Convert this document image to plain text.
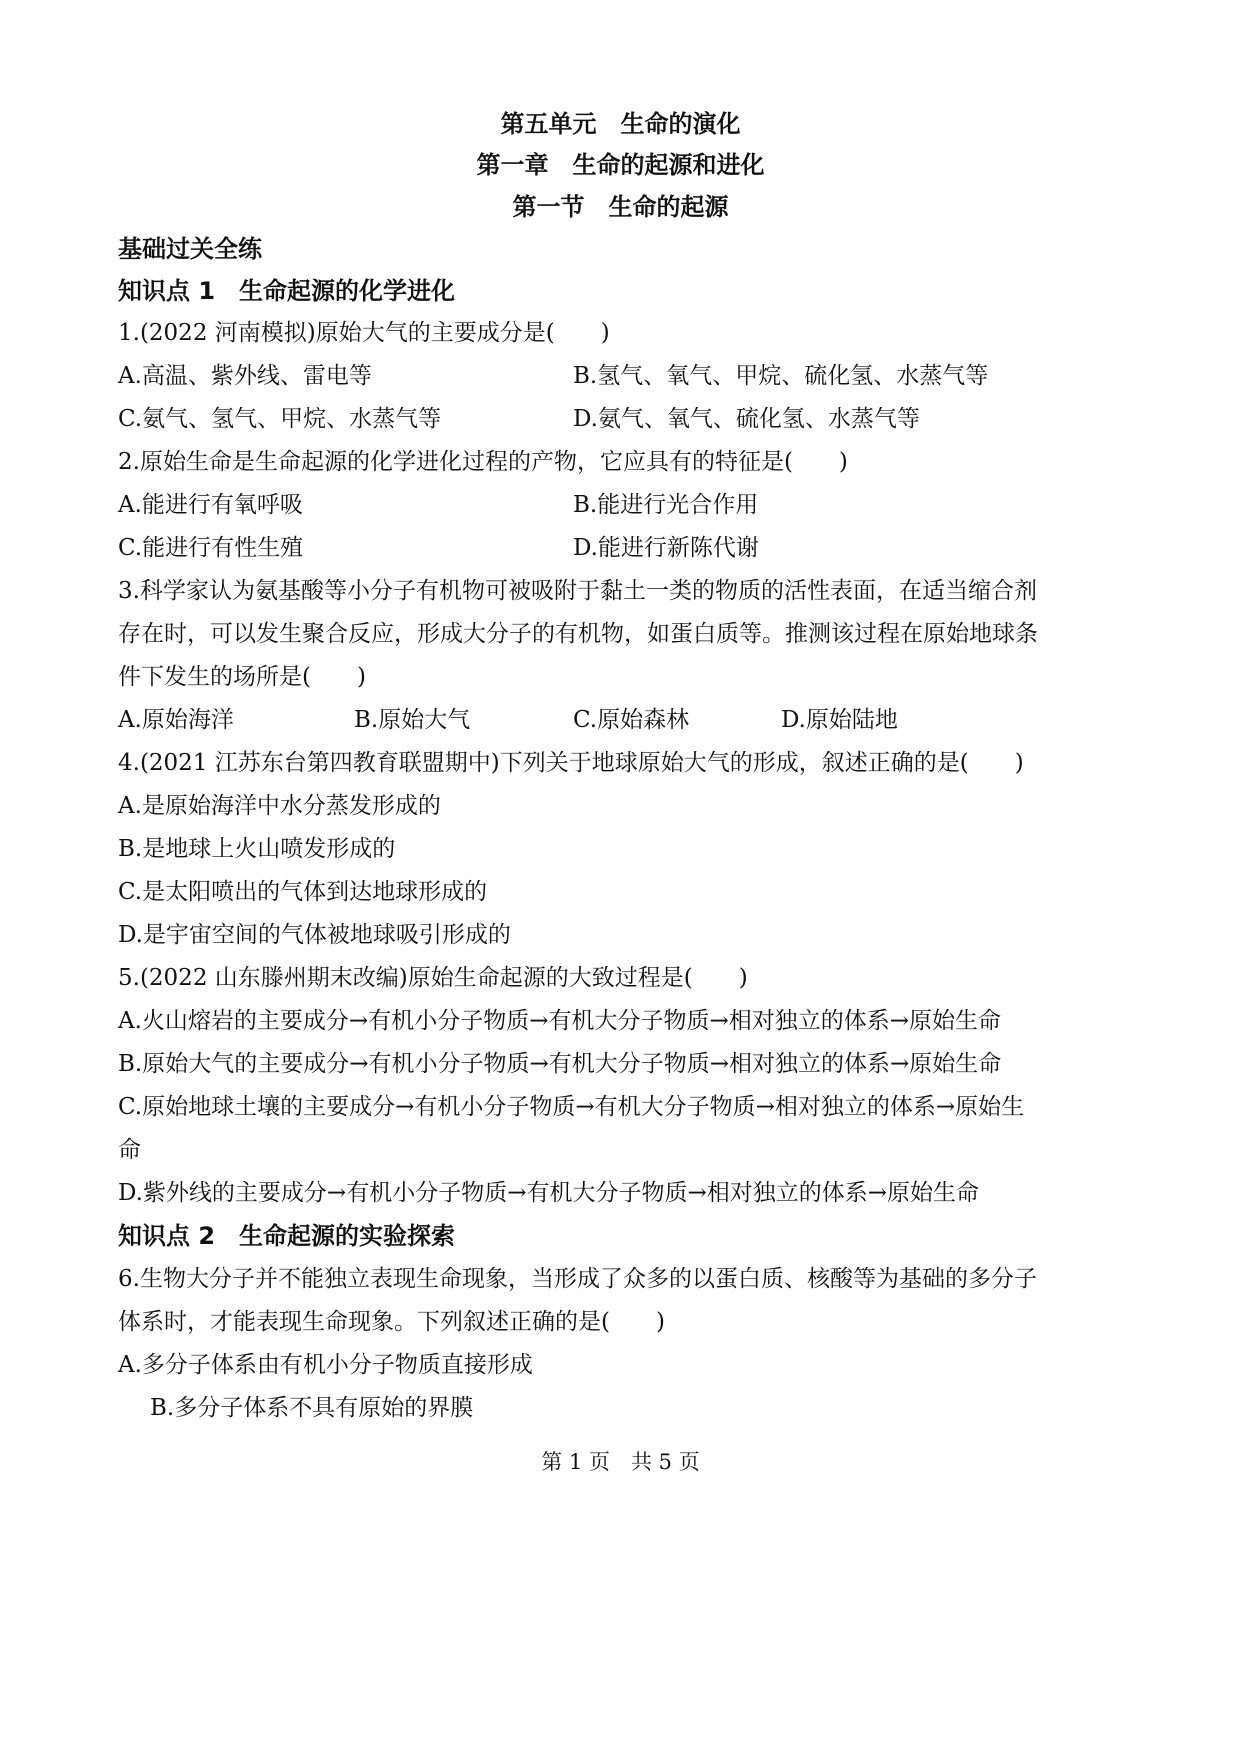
第五单元　生命的演化
第一章　生命的起源和进化
第一节　生命的起源
基础过关全练
知识点 1　生命起源的化学进化
1.(2022 河南模拟)原始大气的主要成分是(　　)
A.高温、紫外线、雷电等	B.氢气、氧气、甲烷、硫化氢、水蒸气等
C.氨气、氢气、甲烷、水蒸气等	D.氨气、氧气、硫化氢、水蒸气等
2.原始生命是生命起源的化学进化过程的产物，它应具有的特征是(　　)
A.能进行有氧呼吸	B.能进行光合作用
C.能进行有性生殖	D.能进行新陈代谢
3.科学家认为氨基酸等小分子有机物可被吸附于黏土一类的物质的活性表面，在适当缩合剂
存在时，可以发生聚合反应，形成大分子的有机物，如蛋白质等。推测该过程在原始地球条
件下发生的场所是(　　)
A.原始海洋	B.原始大气	C.原始森林	D.原始陆地
4.(2021 江苏东台第四教育联盟期中)下列关于地球原始大气的形成，叙述正确的是(　　)
A.是原始海洋中水分蒸发形成的
B.是地球上火山喷发形成的
C.是太阳喷出的气体到达地球形成的
D.是宇宙空间的气体被地球吸引形成的
5.(2022 山东滕州期末改编)原始生命起源的大致过程是(　　)
A.火山熔岩的主要成分→有机小分子物质→有机大分子物质→相对独立的体系→原始生命
B.原始大气的主要成分→有机小分子物质→有机大分子物质→相对独立的体系→原始生命
C.原始地球土壤的主要成分→有机小分子物质→有机大分子物质→相对独立的体系→原始生
命
D.紫外线的主要成分→有机小分子物质→有机大分子物质→相对独立的体系→原始生命
知识点 2　生命起源的实验探索
6.生物大分子并不能独立表现生命现象，当形成了众多的以蛋白质、核酸等为基础的多分子
体系时，才能表现生命现象。下列叙述正确的是(　　)
A.多分子体系由有机小分子物质直接形成
B.多分子体系不具有原始的界膜
第 1 页　共 5 页
